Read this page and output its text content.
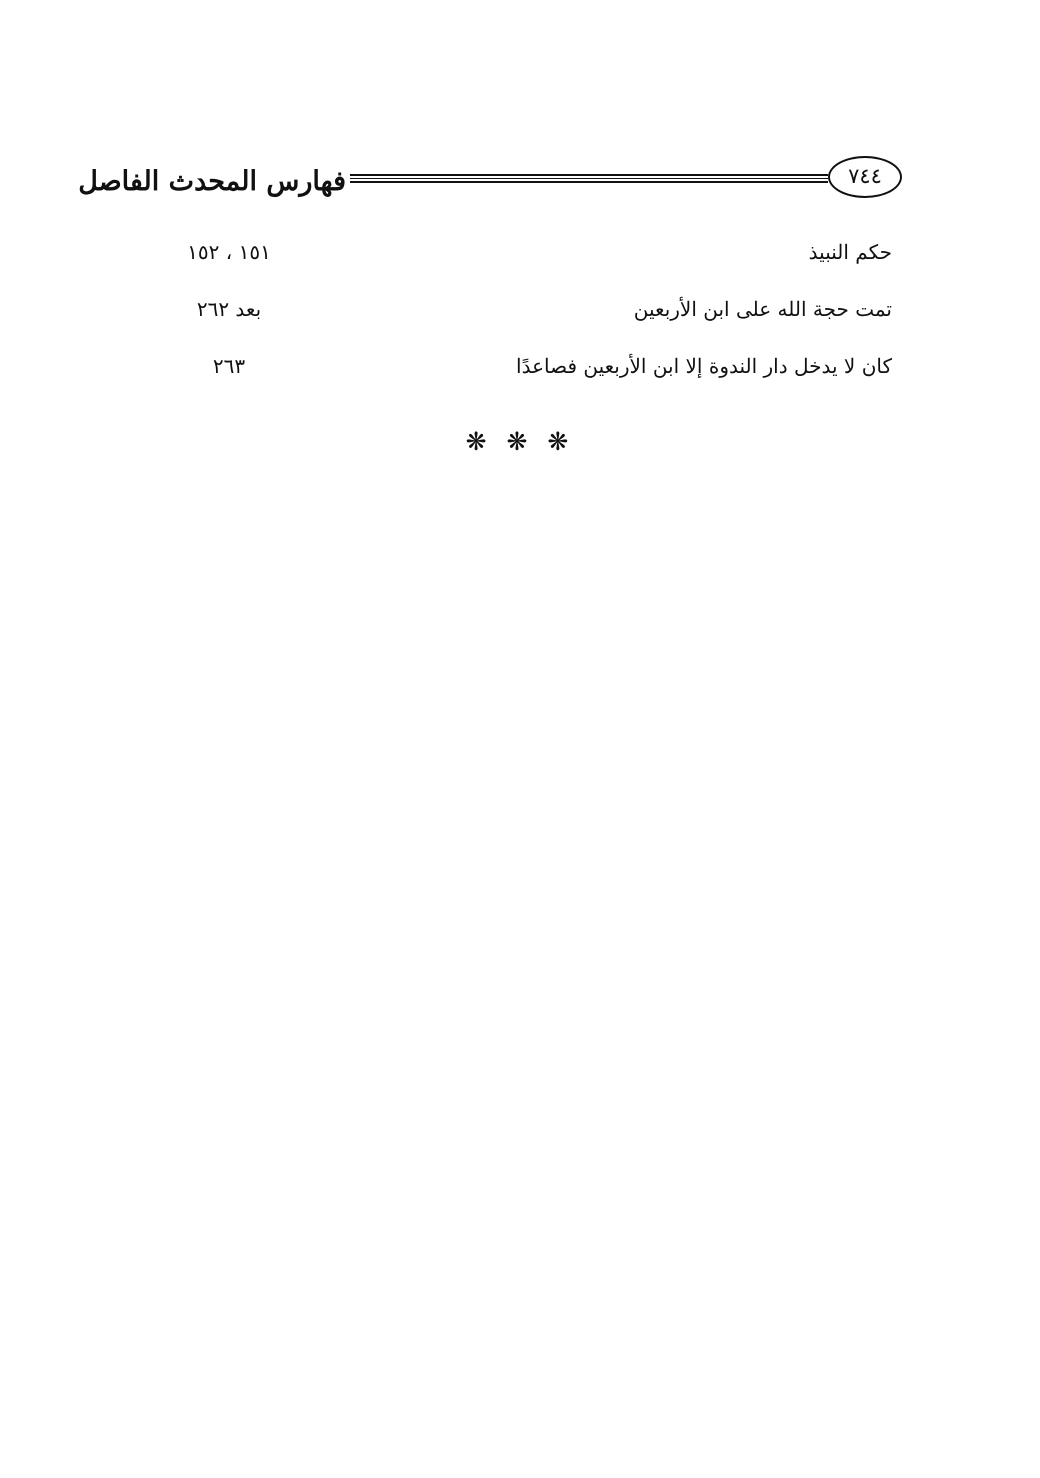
فهارس المحدث الفاصل	٧٤٤
حكم النبيذ
١٥١ ، ١٥٢
تمت حجة الله على ابن الأربعين
بعد ٢٦٢
كان لا يدخل دار الندوة إلا ابن الأربعين فصاعدًا
٢٦٣
❋ ❋ ❋
